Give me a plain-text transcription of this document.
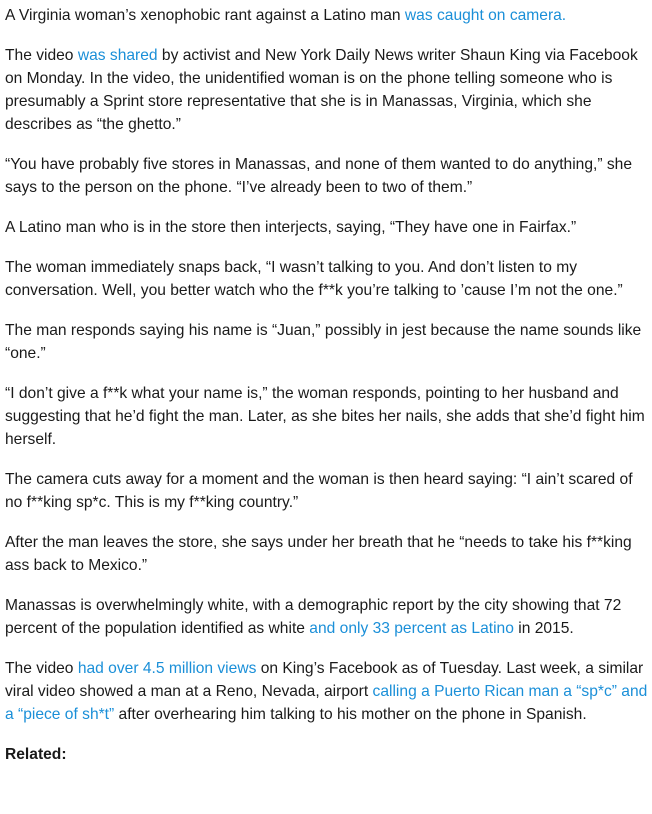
A Virginia woman’s xenophobic rant against a Latino man was caught on camera.

The video was shared by activist and New York Daily News writer Shaun King via Facebook on Monday. In the video, the unidentified woman is on the phone telling someone who is presumably a Sprint store representative that she is in Manassas, Virginia, which she describes as “the ghetto.”

“You have probably five stores in Manassas, and none of them wanted to do anything,” she says to the person on the phone. “I’ve already been to two of them.”

A Latino man who is in the store then interjects, saying, “They have one in Fairfax.”

The woman immediately snaps back, “I wasn’t talking to you. And don’t listen to my conversation. Well, you better watch who the f**k you’re talking to ’cause I’m not the one.”

The man responds saying his name is “Juan,” possibly in jest because the name sounds like “one.”

“I don’t give a f**k what your name is,” the woman responds, pointing to her husband and suggesting that he’d fight the man. Later, as she bites her nails, she adds that she’d fight him herself.

The camera cuts away for a moment and the woman is then heard saying: “I ain’t scared of no f**king sp*c. This is my f**king country.”

After the man leaves the store, she says under her breath that he “needs to take his f**king ass back to Mexico.”

Manassas is overwhelmingly white, with a demographic report by the city showing that 72 percent of the population identified as white and only 33 percent as Latino in 2015.

The video had over 4.5 million views on King’s Facebook as of Tuesday. Last week, a similar viral video showed a man at a Reno, Nevada, airport calling a Puerto Rican man a “sp*c” and a “piece of sh*t” after overhearing him talking to his mother on the phone in Spanish.

Related:
